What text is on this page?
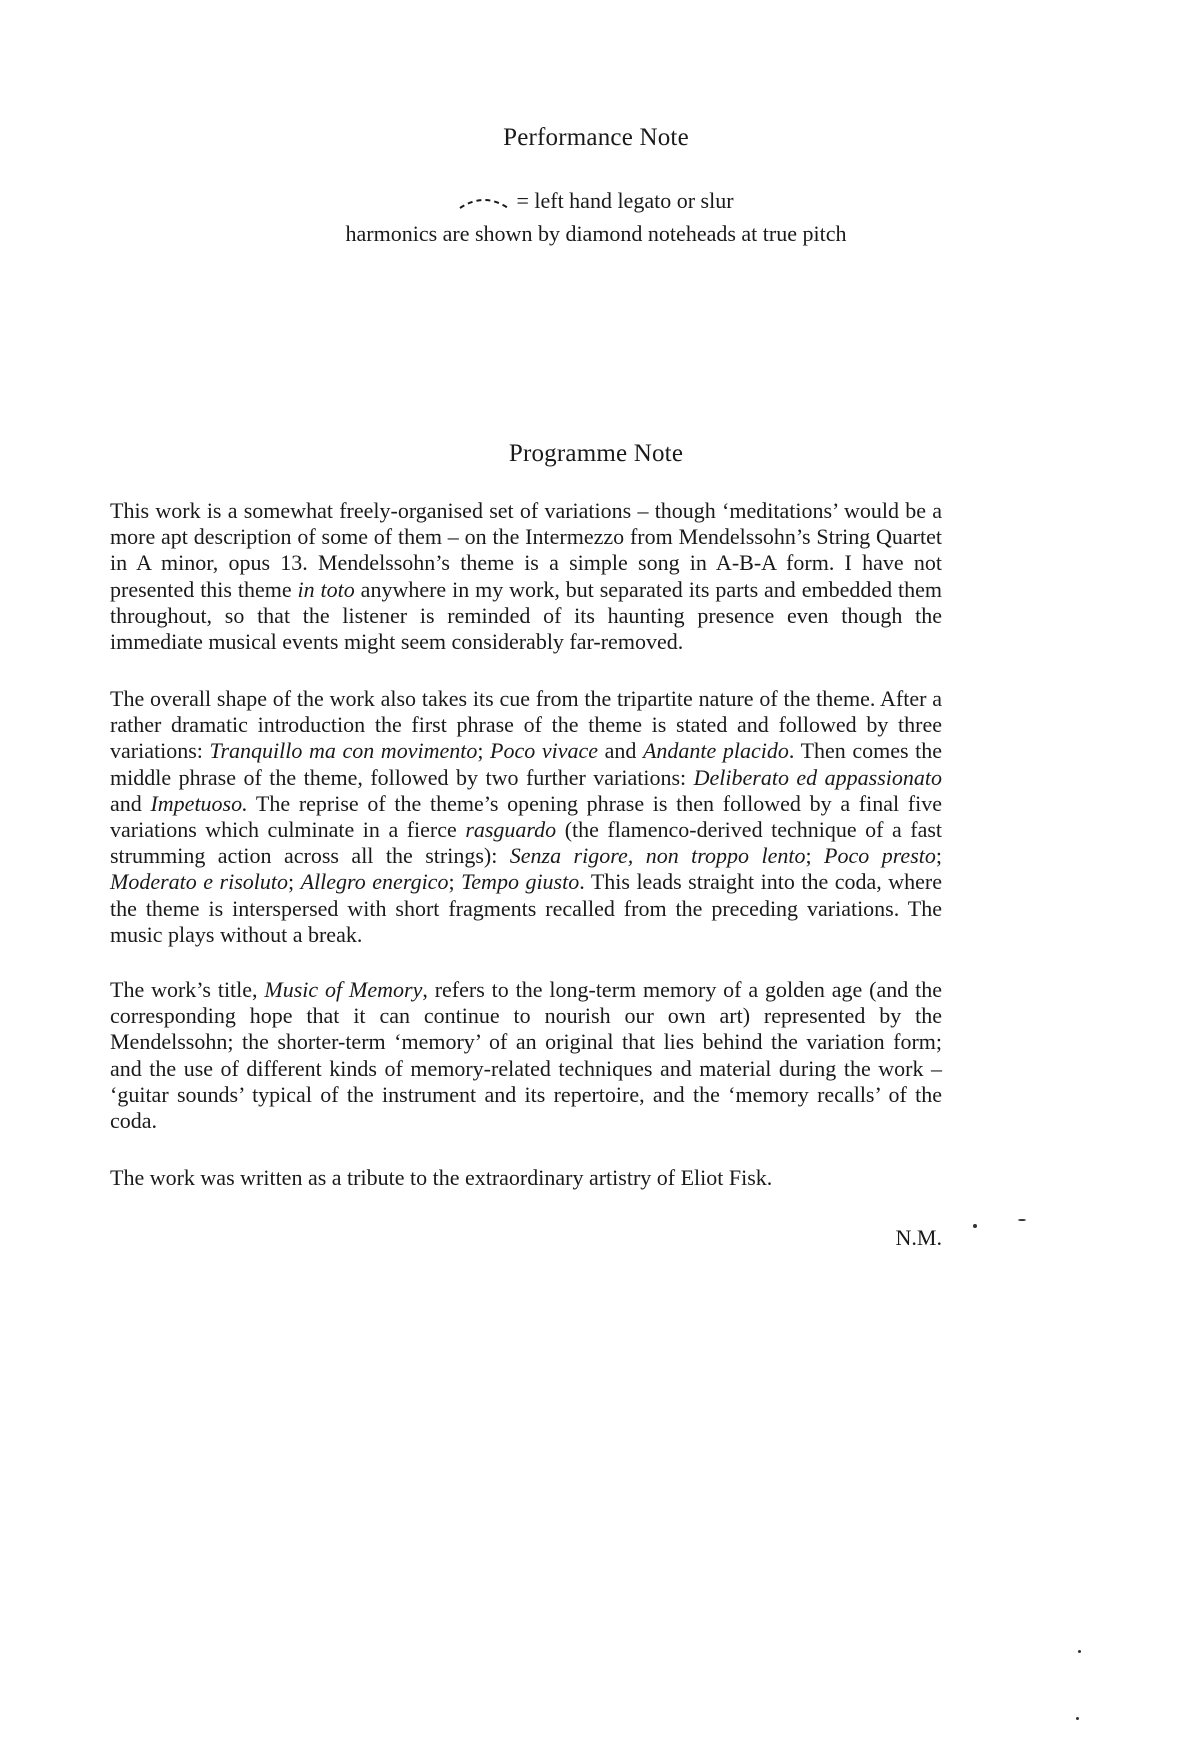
Performance Note

= left hand legato or slur

harmonics are shown by diamond noteheads at true pitch

Programme Note

This work is a somewhat freely-organised set of variations – though ‘meditations’ would be a more apt description of some of them – on the Intermezzo from Mendelssohn’s String Quartet in A minor, opus 13. Mendelssohn’s theme is a simple song in A-B-A form. I have not presented this theme in toto anywhere in my work, but separated its parts and embedded them throughout, so that the listener is reminded of its haunting presence even though the immediate musical events might seem considerably far-removed.

The overall shape of the work also takes its cue from the tripartite nature of the theme. After a rather dramatic introduction the first phrase of the theme is stated and followed by three variations: Tranquillo ma con movimento; Poco vivace and Andante placido. Then comes the middle phrase of the theme, followed by two further variations: Deliberato ed appassionato and Impetuoso. The reprise of the theme’s opening phrase is then followed by a final five variations which culminate in a fierce rasguardo (the flamenco-derived technique of a fast strumming action across all the strings): Senza rigore, non troppo lento; Poco presto; Moderato e risoluto; Allegro energico; Tempo giusto. This leads straight into the coda, where the theme is interspersed with short fragments recalled from the preceding variations. The music plays without a break.

The work’s title, Music of Memory, refers to the long-term memory of a golden age (and the corresponding hope that it can continue to nourish our own art) represented by the Mendelssohn; the shorter-term ‘memory’ of an original that lies behind the variation form; and the use of different kinds of memory-related techniques and material during the work – ‘guitar sounds’ typical of the instrument and its repertoire, and the ‘memory recalls’ of the coda.

The work was written as a tribute to the extraordinary artistry of Eliot Fisk.

N.M.
